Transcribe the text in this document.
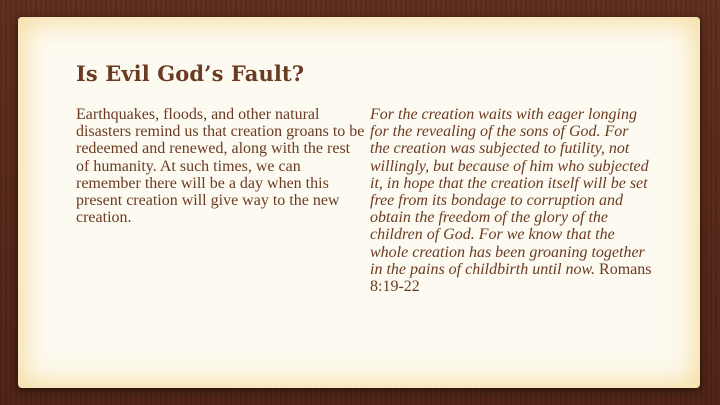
Is Evil God’s Fault?

Earthquakes, floods, and other natural disasters remind us that creation groans to be redeemed and renewed, along with the rest of humanity. At such times, we can remember there will be a day when this present creation will give way to the new creation.

For the creation waits with eager longing for the revealing of the sons of God. For the creation was subjected to futility, not willingly, but because of him who subjected it, in hope that the creation itself will be set free from its bondage to corruption and obtain the freedom of the glory of the children of God. For we know that the whole creation has been groaning together in the pains of childbirth until now. Romans 8:19-22
